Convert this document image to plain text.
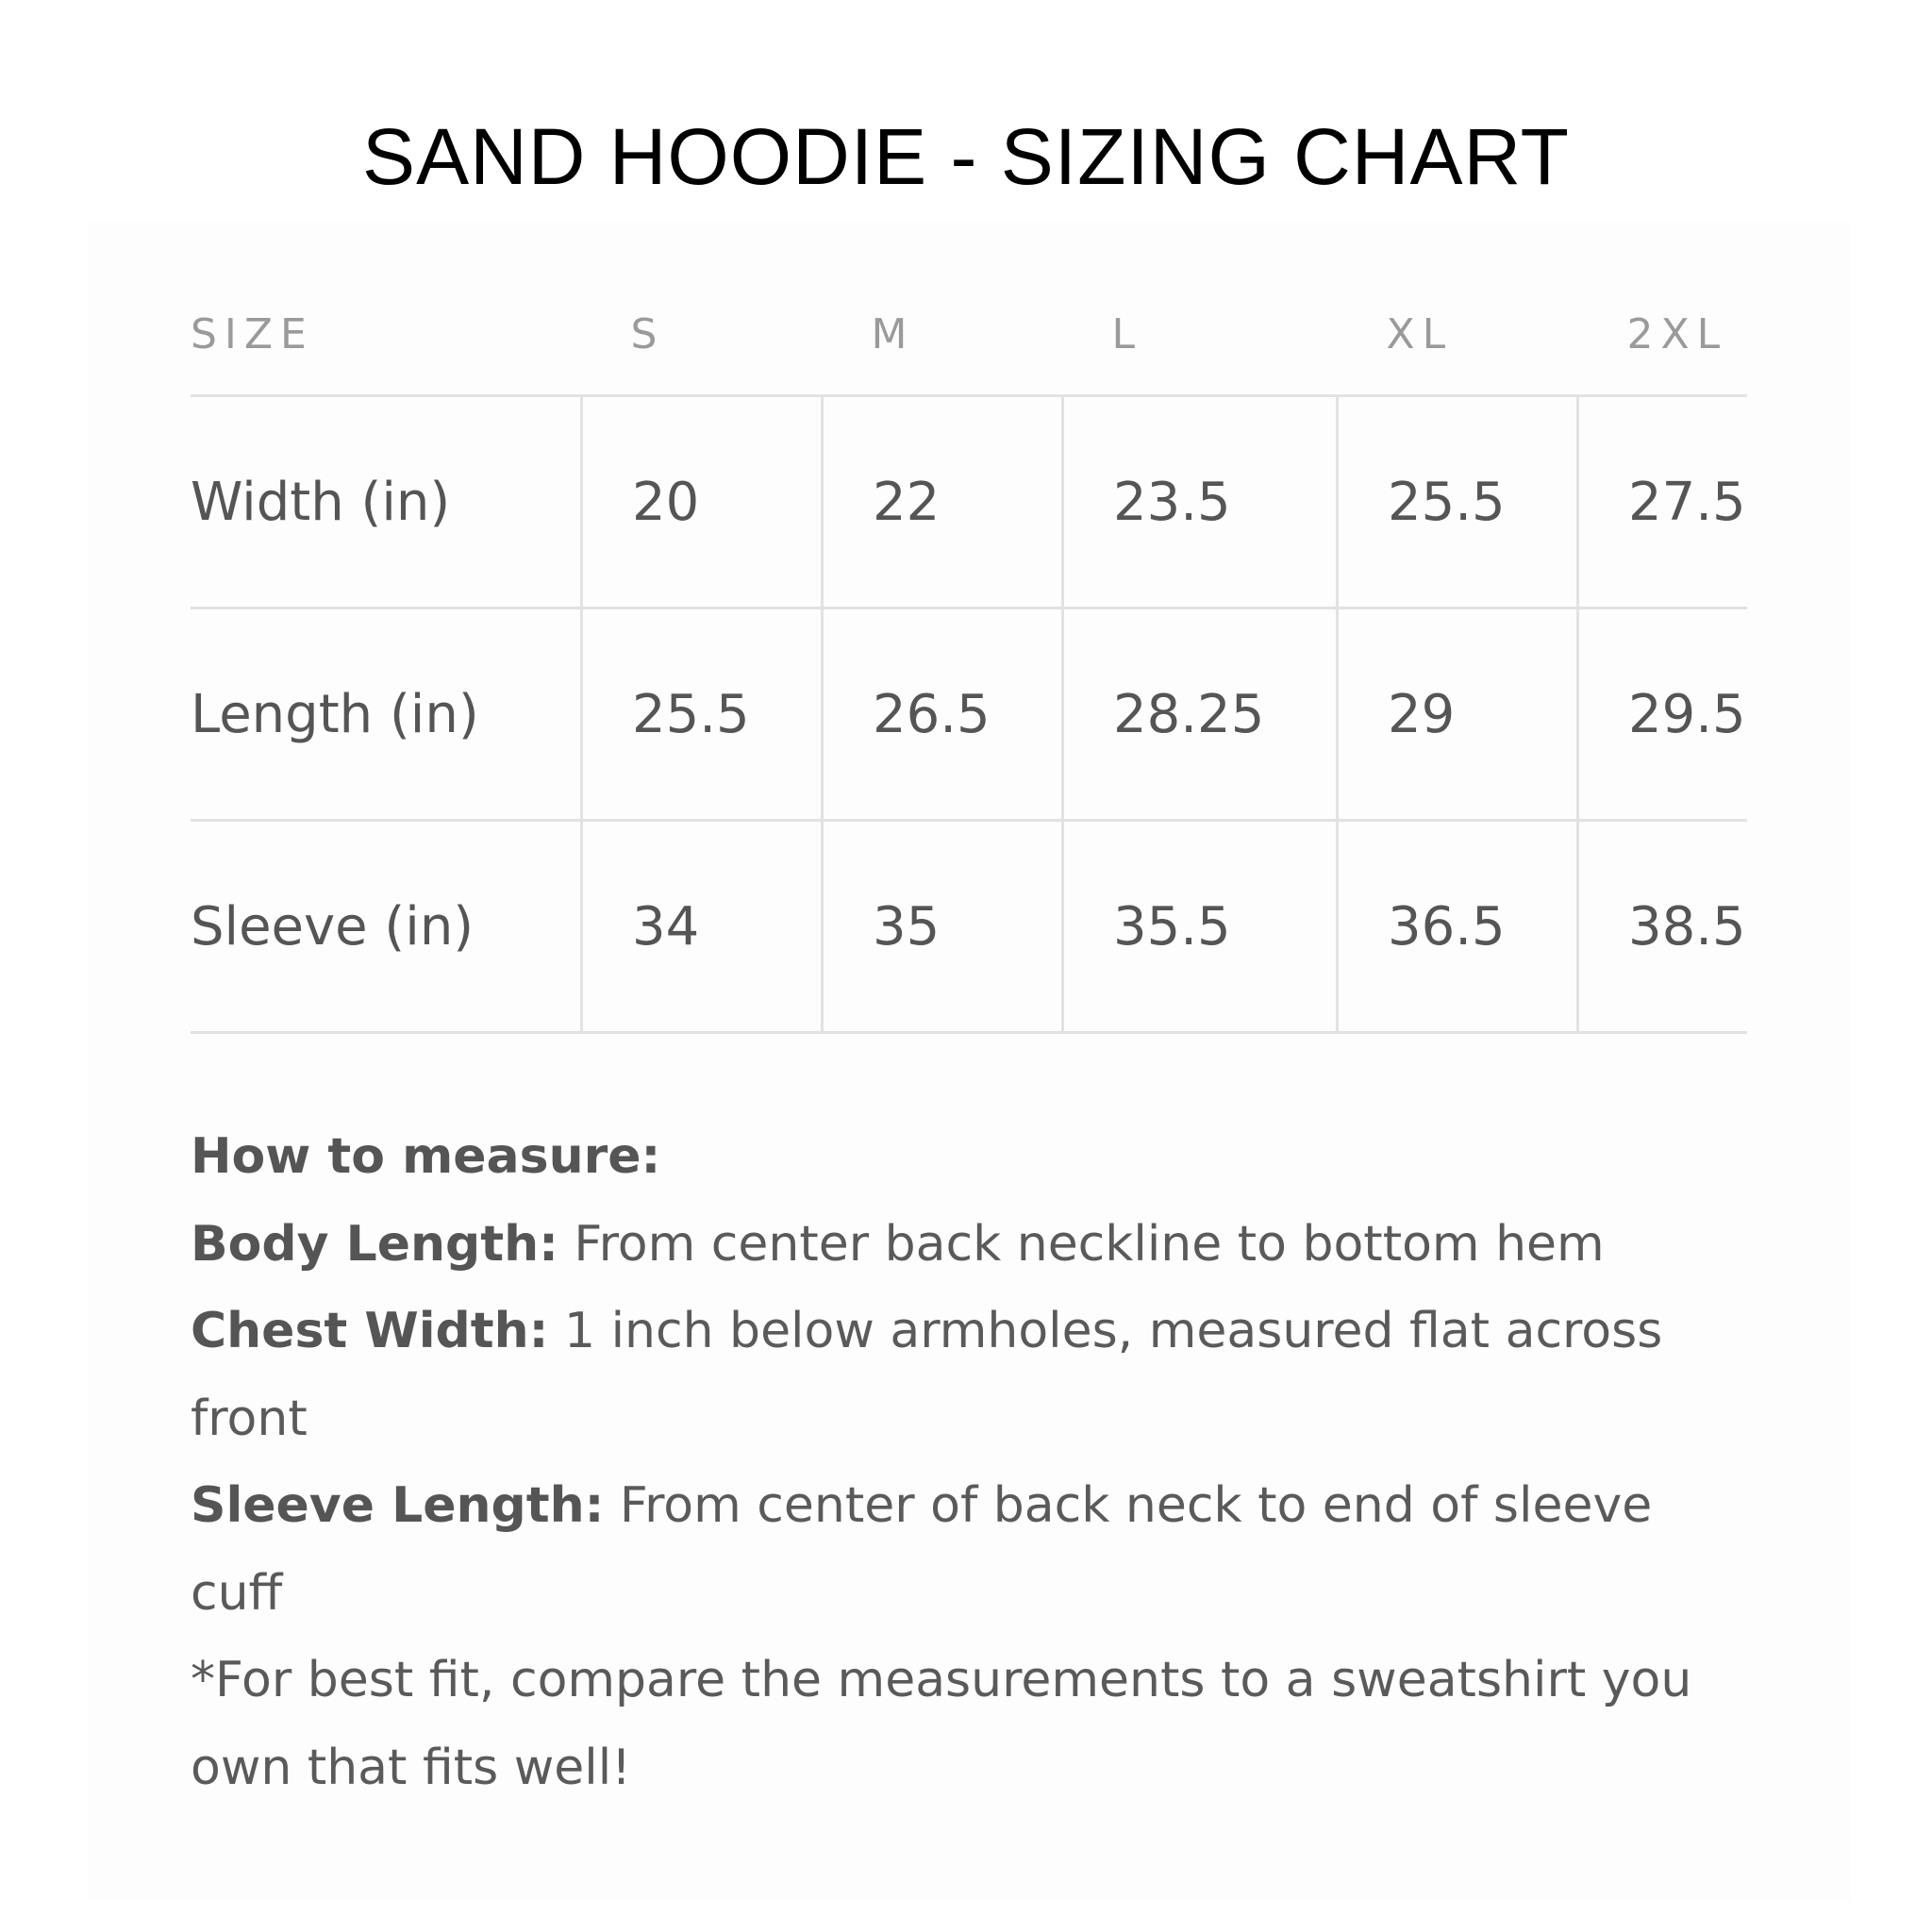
SAND HOODIE - SIZING CHART
SIZE	S	M	L	XL	2XL
Width (in)	20	22	23.5	25.5	27.5
Length (in)	25.5	26.5	28.25	29	29.5
Sleeve (in)	34	35	35.5	36.5	38.5
How to measure:
Body Length: From center back neckline to bottom hem
Chest Width: 1 inch below armholes, measured flat across front
Sleeve Length: From center of back neck to end of sleeve cuff
*For best fit, compare the measurements to a sweatshirt you own that fits well!
